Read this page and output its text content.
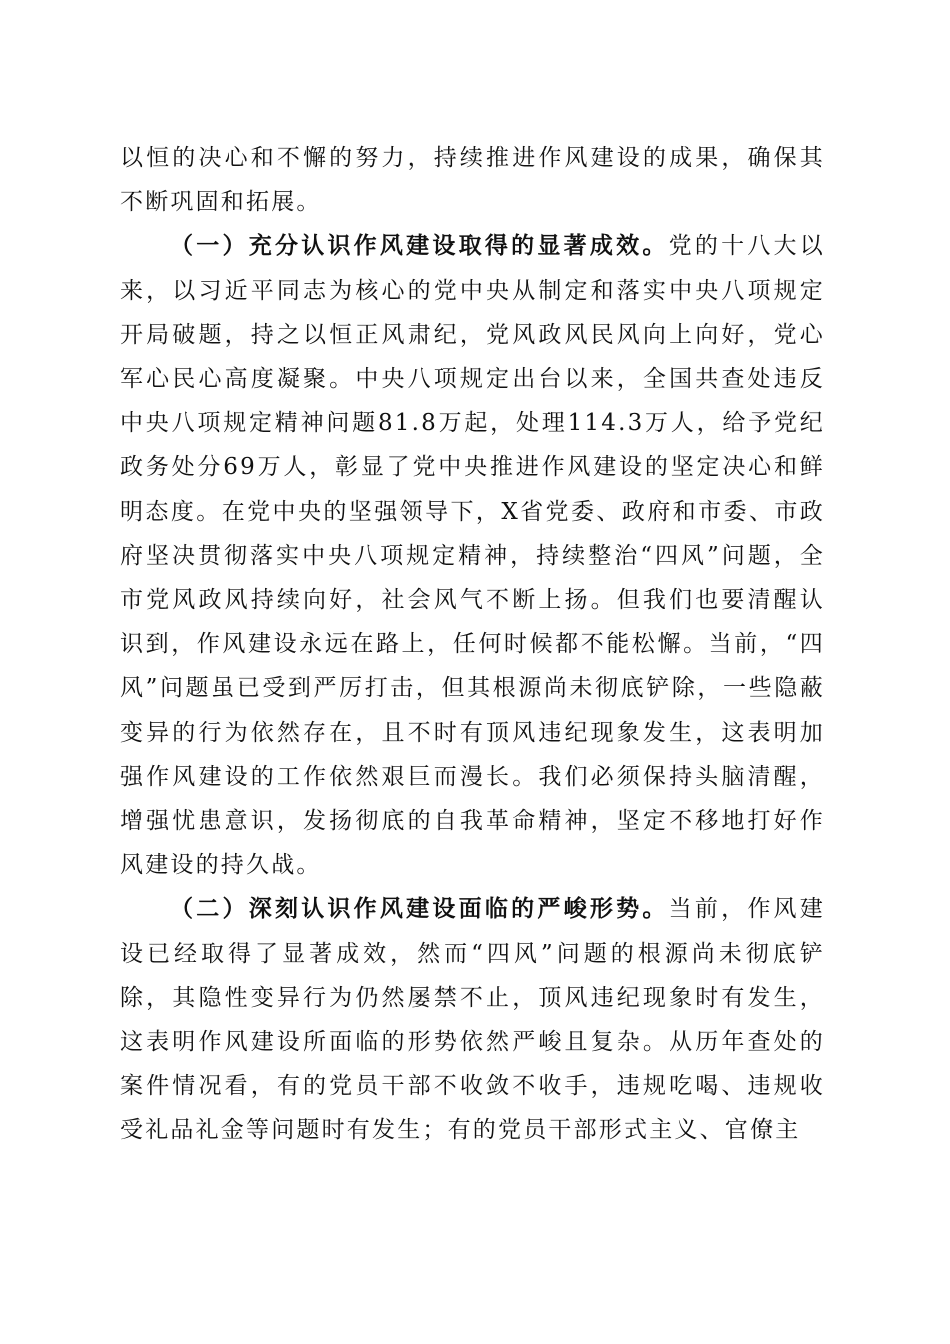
以恒的决心和不懈的努力，持续推进作风建设的成果，确保其不断巩固和拓展。

（一）充分认识作风建设取得的显著成效。党的十八大以来，以习近平同志为核心的党中央从制定和落实中央八项规定开局破题，持之以恒正风肃纪，党风政风民风向上向好，党心军心民心高度凝聚。中央八项规定出台以来，全国共查处违反中央八项规定精神问题81.8万起，处理114.3万人，给予党纪政务处分69万人，彰显了党中央推进作风建设的坚定决心和鲜明态度。在党中央的坚强领导下，X省党委、政府和市委、市政府坚决贯彻落实中央八项规定精神，持续整治“四风”问题，全市党风政风持续向好，社会风气不断上扬。但我们也要清醒认识到，作风建设永远在路上，任何时候都不能松懈。当前，“四风”问题虽已受到严厉打击，但其根源尚未彻底铲除，一些隐蔽变异的行为依然存在，且不时有顶风违纪现象发生，这表明加强作风建设的工作依然艰巨而漫长。我们必须保持头脑清醒，增强忧患意识，发扬彻底的自我革命精神，坚定不移地打好作风建设的持久战。

（二）深刻认识作风建设面临的严峻形势。当前，作风建设已经取得了显著成效，然而“四风”问题的根源尚未彻底铲除，其隐性变异行为仍然屡禁不止，顶风违纪现象时有发生，这表明作风建设所面临的形势依然严峻且复杂。从历年查处的案件情况看，有的党员干部不收敛不收手，违规吃喝、违规收受礼品礼金等问题时有发生；有的党员干部形式主义、官僚主
